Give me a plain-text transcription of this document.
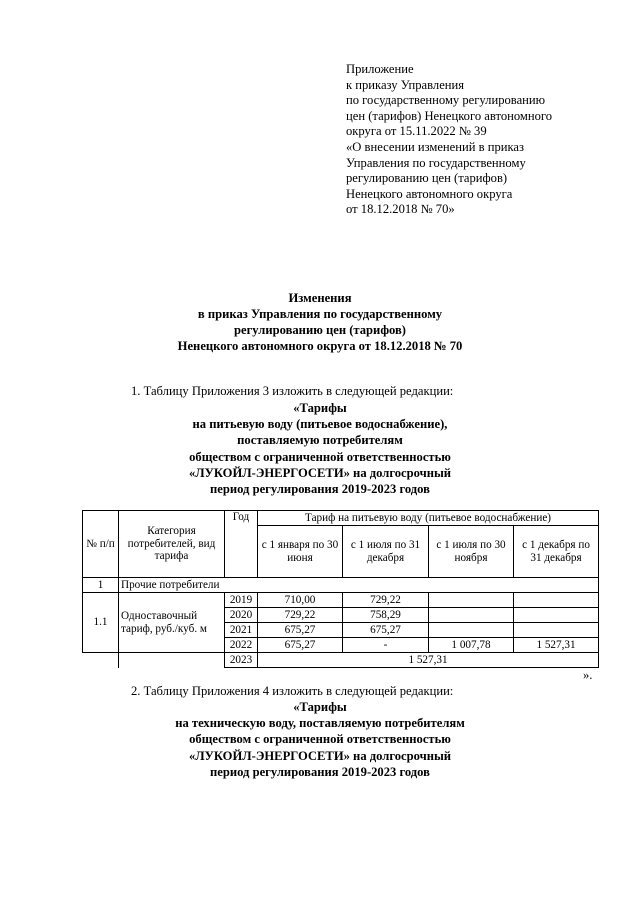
Приложение
к приказу Управления
по государственному регулированию
цен (тарифов) Ненецкого автономного
округа от 15.11.2022 № 39
«О внесении изменений в приказ
Управления по государственному
регулированию цен (тарифов)
Ненецкого автономного округа
от 18.12.2018 № 70»
Изменения
в приказ Управления по государственному
регулированию цен (тарифов)
Ненецкого автономного округа от 18.12.2018 № 70
1. Таблицу Приложения 3 изложить в следующей редакции:
«Тарифы
на питьевую воду (питьевое водоснабжение),
поставляемую потребителям
обществом с ограниченной ответственностью
«ЛУКОЙЛ-ЭНЕРГОСЕТИ» на долгосрочный
период регулирования 2019-2023 годов
№ п/п	Категория потребителей, вид тарифа	Год	Тариф на питьевую воду (питьевое водоснабжение)			
			с 1 января по 30 июня	с 1 июля по 31 декабря	с 1 июля по 30 ноября	с 1 декабря по 31 декабря
1	Прочие потребители					
1.1	Одноставочный тариф, руб./куб. м	2019	710,00	729,22		
		2020	729,22	758,29		
		2021	675,27	675,27		
		2022	675,27	-	1 007,78	1 527,31
		2023	1 527,31			
».
2. Таблицу Приложения 4 изложить в следующей редакции:
«Тарифы
на техническую воду, поставляемую потребителям
обществом с ограниченной ответственностью
«ЛУКОЙЛ-ЭНЕРГОСЕТИ» на долгосрочный
период регулирования 2019-2023 годов
